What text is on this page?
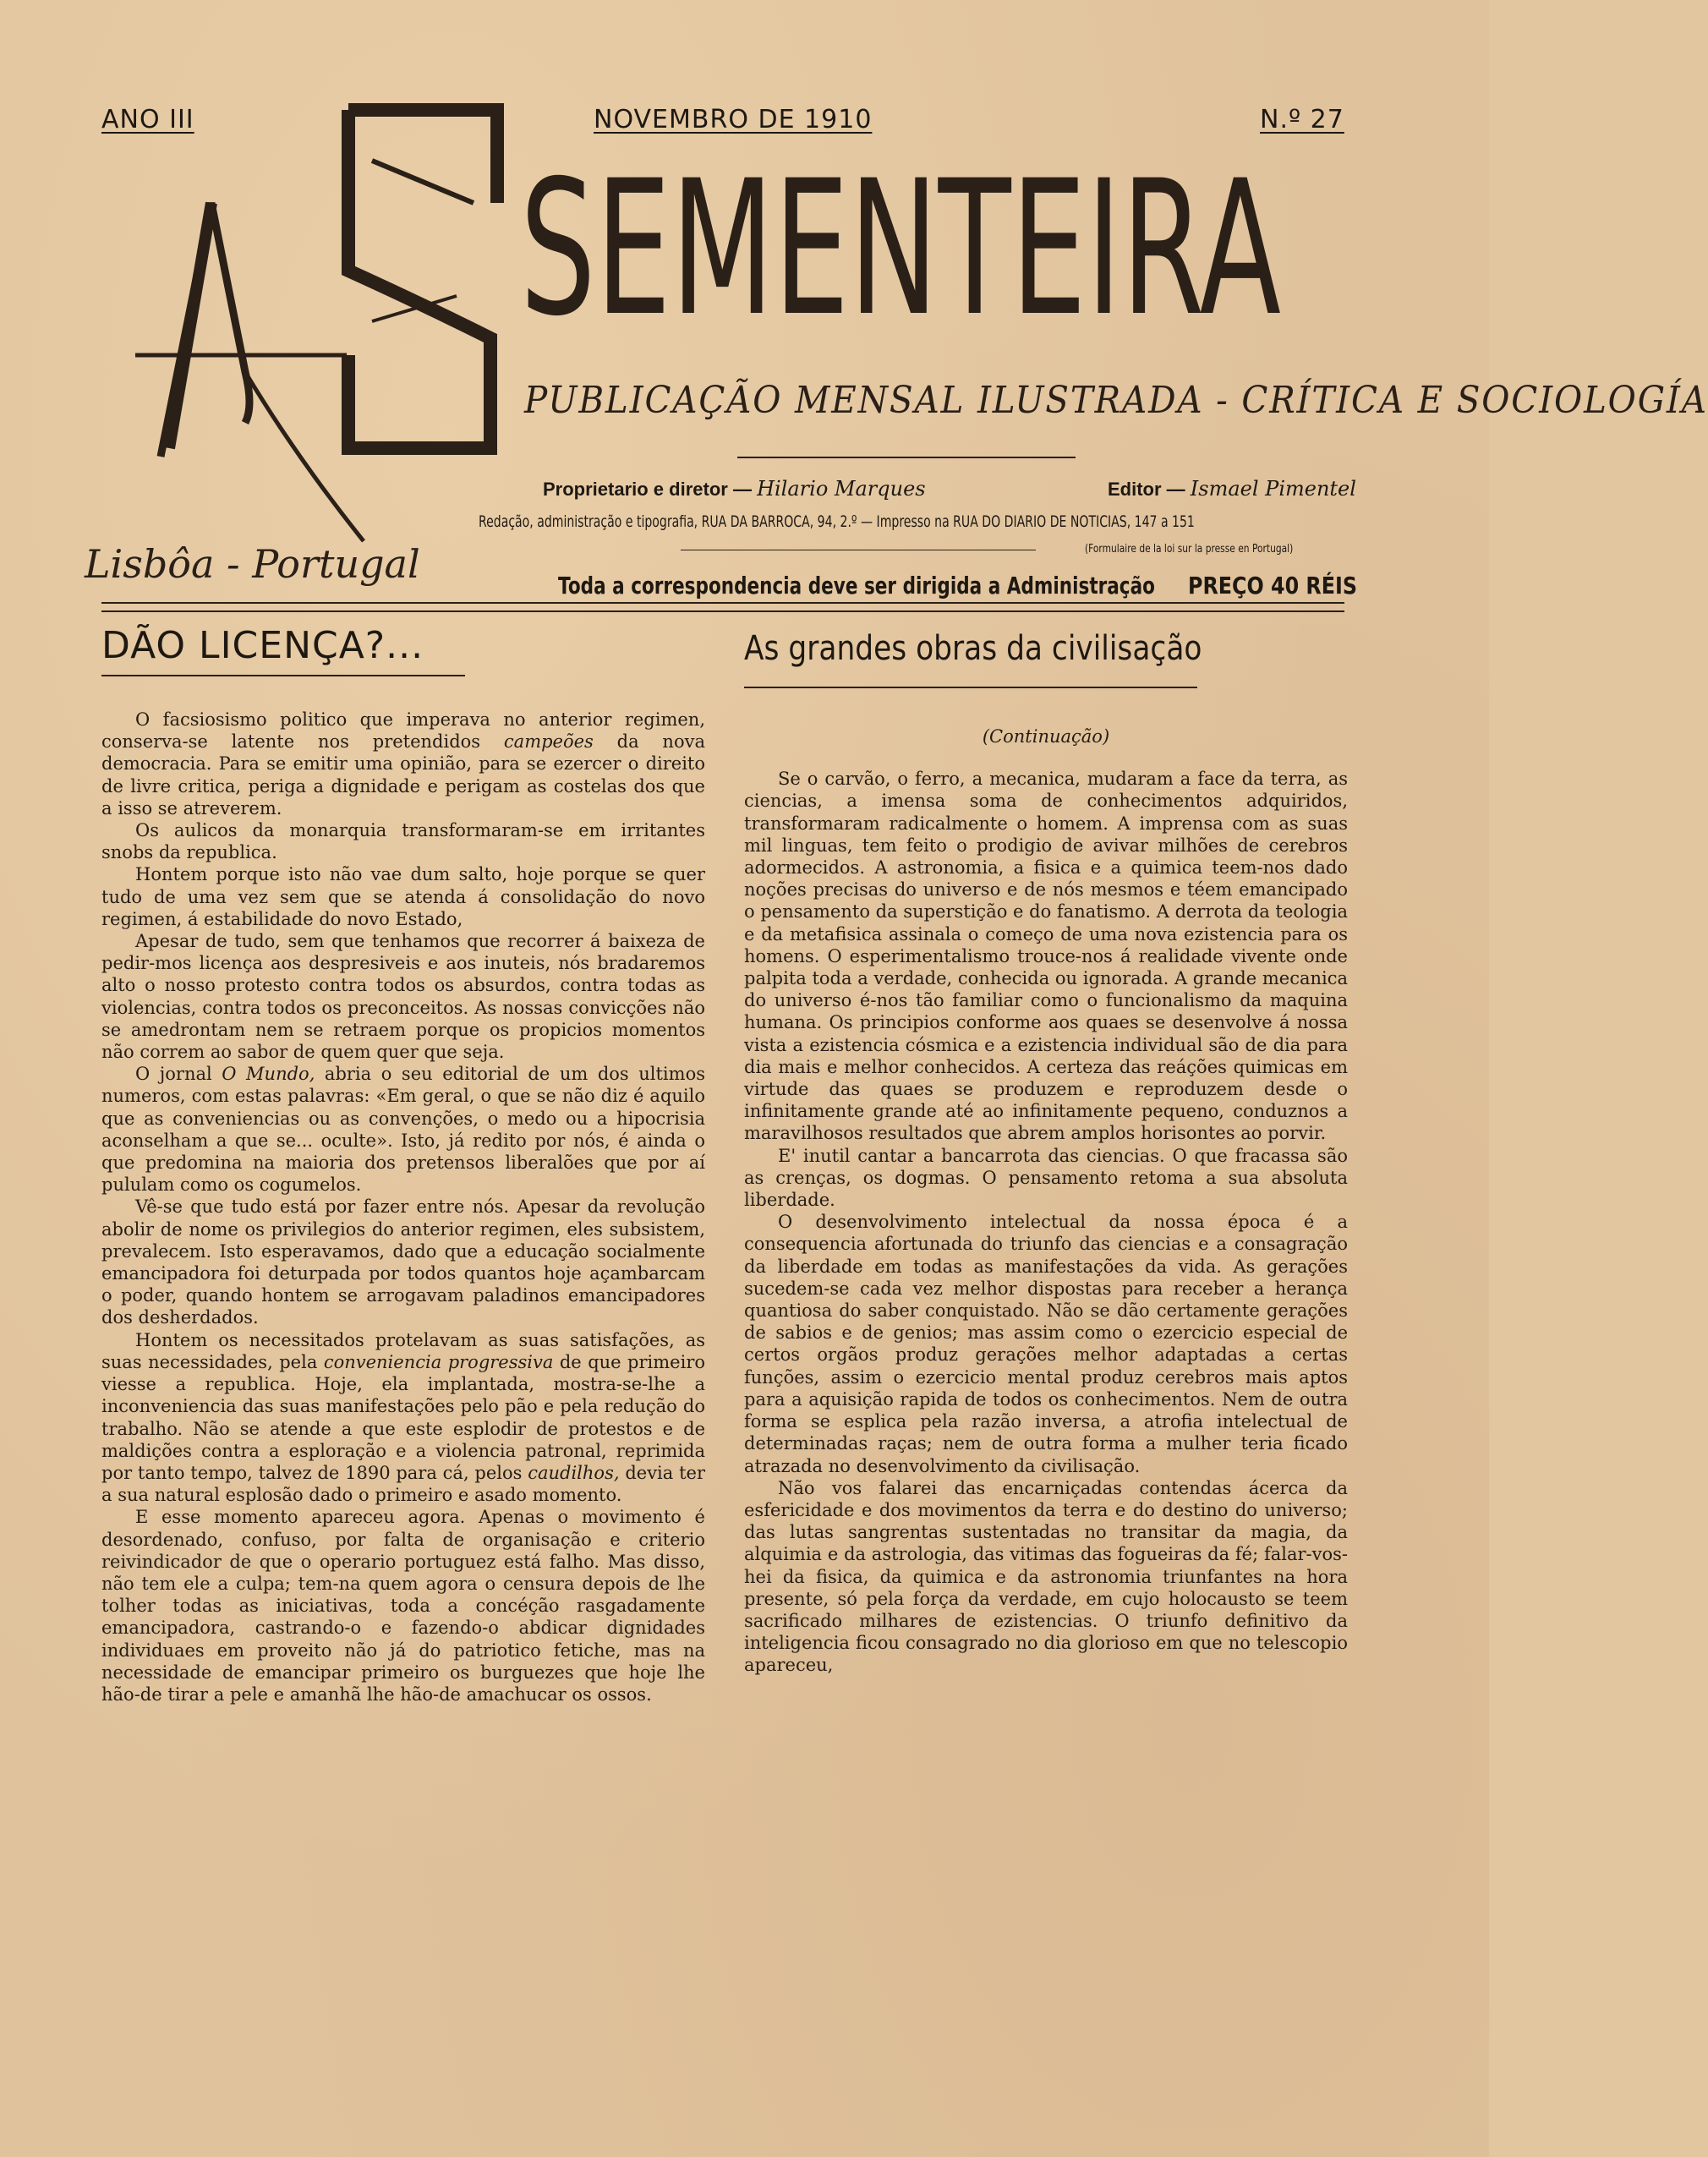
ANO III	NOVEMBRO DE 1910	N.º 27
SEMENTEIRA
PUBLICAÇÃO MENSAL ILUSTRADA - CRÍTICA E SOCIOLOGÍA
Lisbôa - Portugal
Proprietario e diretor — Hilario Marques	Editor — Ismael Pimentel
Redação, administração e tipografia, RUA DA BARROCA, 94, 2.º — Impresso na RUA DO DIARIO DE NOTICIAS, 147 a 151
(Formulaire de la loi sur la presse en Portugal)
Toda a correspondencia deve ser dirigida a Administração PREÇO 40 RÉIS
DÃO LICENÇA?...	As grandes obras da civilisação

O facsiosismo politico que imperava no anterior regimen, conserva-se latente nos pretendidos campeões da nova democracia. Para se emitir uma opinião, para se ezercer o direito de livre critica, periga a dignidade e perigam as costelas dos que a isso se atreverem.

Os aulicos da monarquia transformaram-se em irritantes snobs da republica.

Hontem porque isto não vae dum salto, hoje porque se quer tudo de uma vez sem que se atenda á consolidação do novo regimen, á estabilidade do novo Estado,

Apesar de tudo, sem que tenhamos que recorrer á baixeza de pedir-mos licença aos despresiveis e aos inuteis, nós bradaremos alto o nosso protesto contra todos os absurdos, contra todas as violencias, contra todos os preconceitos. As nossas convicções não se amedrontam nem se retraem porque os propicios momentos não correm ao sabor de quem quer que seja.

O jornal O Mundo, abria o seu editorial de um dos ultimos numeros, com estas palavras: «Em geral, o que se não diz é aquilo que as conveniencias ou as convenções, o medo ou a hipocrisia aconselham a que se... oculte». Isto, já redito por nós, é ainda o que predomina na maioria dos pretensos liberalões que por aí pululam como os cogumelos.

Vê-se que tudo está por fazer entre nós. Apesar da revolução abolir de nome os privilegios do anterior regimen, eles subsistem, prevalecem. Isto esperavamos, dado que a educação socialmente emancipadora foi deturpada por todos quantos hoje açambarcam o poder, quando hontem se arrogavam paladinos emancipadores dos desherdados.

Hontem os necessitados protelavam as suas satisfações, as suas necessidades, pela conveniencia progressiva de que primeiro viesse a republica. Hoje, ela implantada, mostra-se-lhe a inconveniencia das suas manifestações pelo pão e pela redução do trabalho. Não se atende a que este esplodir de protestos e de maldições contra a esploração e a violencia patronal, reprimida por tanto tempo, talvez de 1890 para cá, pelos caudilhos, devia ter a sua natural esplosão dado o primeiro e asado momento.

E esse momento apareceu agora. Apenas o movimento é desordenado, confuso, por falta de organisação e criterio reivindicador de que o operario portuguez está falho. Mas disso, não tem ele a culpa; tem-na quem agora o censura depois de lhe tolher todas as iniciativas, toda a concéção rasgadamente emancipadora, castrando-o e fazendo-o abdicar dignidades individuaes em proveito não já do patriotico fetiche, mas na necessidade de emancipar primeiro os burguezes que hoje lhe hão-de tirar a pele e amanhã lhe hão-de amachucar os ossos.

(Continuação)

Se o carvão, o ferro, a mecanica, mudaram a face da terra, as ciencias, a imensa soma de conhecimentos adquiridos, transformaram radicalmente o homem. A imprensa com as suas mil linguas, tem feito o prodigio de avivar milhões de cerebros adormecidos. A astronomia, a fisica e a quimica teem-nos dado noções precisas do universo e de nós mesmos e téem emancipado o pensamento da superstição e do fanatismo. A derrota da teologia e da metafisica assinala o começo de uma nova ezistencia para os homens. O esperimentalismo trouce-nos á realidade vivente onde palpita toda a verdade, conhecida ou ignorada. A grande mecanica do universo é-nos tão familiar como o funcionalismo da maquina humana. Os principios conforme aos quaes se desenvolve á nossa vista a ezistencia cósmica e a ezistencia individual são de dia para dia mais e melhor conhecidos. A certeza das reáções quimicas em virtude das quaes se produzem e reproduzem desde o infinitamente grande até ao infinitamente pequeno, conduznos a maravilhosos resultados que abrem amplos horisontes ao porvir.

E' inutil cantar a bancarrota das ciencias. O que fracassa são as crenças, os dogmas. O pensamento retoma a sua absoluta liberdade.

O desenvolvimento intelectual da nossa época é a consequencia afortunada do triunfo das ciencias e a consagração da liberdade em todas as manifestações da vida. As gerações sucedem-se cada vez melhor dispostas para receber a herança quantiosa do saber conquistado. Não se dão certamente gerações de sabios e de genios; mas assim como o ezercicio especial de certos orgãos produz gerações melhor adaptadas a certas funções, assim o ezercicio mental produz cerebros mais aptos para a aquisição rapida de todos os conhecimentos. Nem de outra forma se esplica pela razão inversa, a atrofia intelectual de determinadas raças; nem de outra forma a mulher teria ficado atrazada no desenvolvimento da civilisação.

Não vos falarei das encarniçadas contendas ácerca da esfericidade e dos movimentos da terra e do destino do universo; das lutas sangrentas sustentadas no transitar da magia, da alquimia e da astrologia, das vitimas das fogueiras da fé; falar-vos-hei da fisica, da quimica e da astronomia triunfantes na hora presente, só pela força da verdade, em cujo holocausto se teem sacrificado milhares de ezistencias. O triunfo definitivo da inteligencia ficou consagrado no dia glorioso em que no telescopio apareceu,
